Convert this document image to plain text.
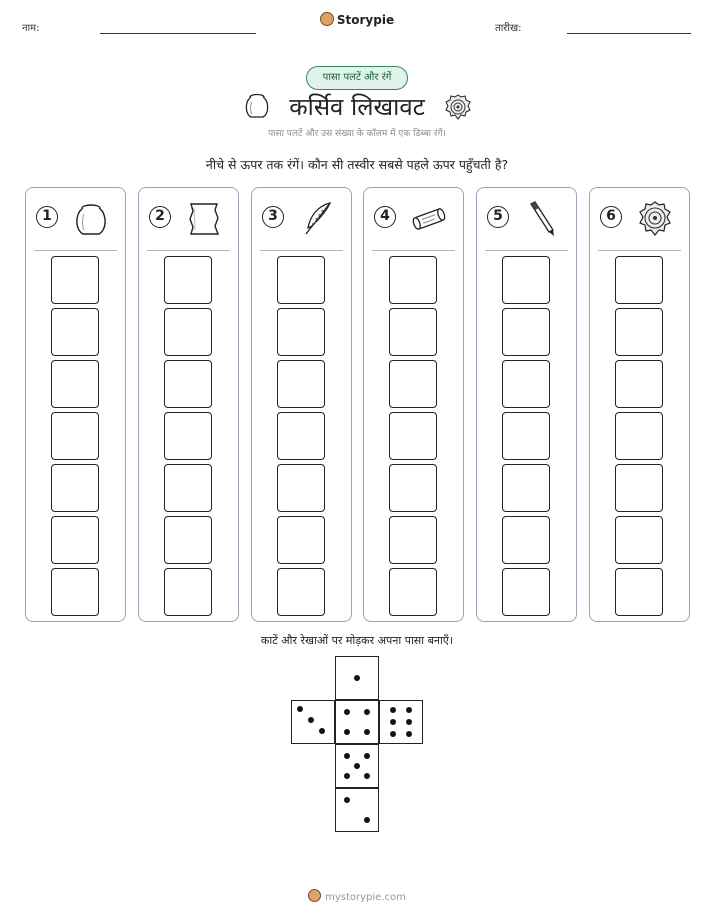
नाम:
Storypie
तारीख:
पासा पलटें और रंगें
कर्सिव लिखावट
पासा पलटें और उस संख्या के कॉलम में एक डिब्बा रंगें।
नीचे से ऊपर तक रंगें। कौन सी तस्वीर सबसे पहले ऊपर पहुँचती है?
1	2	3	4	5	6
काटें और रेखाओं पर मोड़कर अपना पासा बनाएँ।
mystorypie.com
